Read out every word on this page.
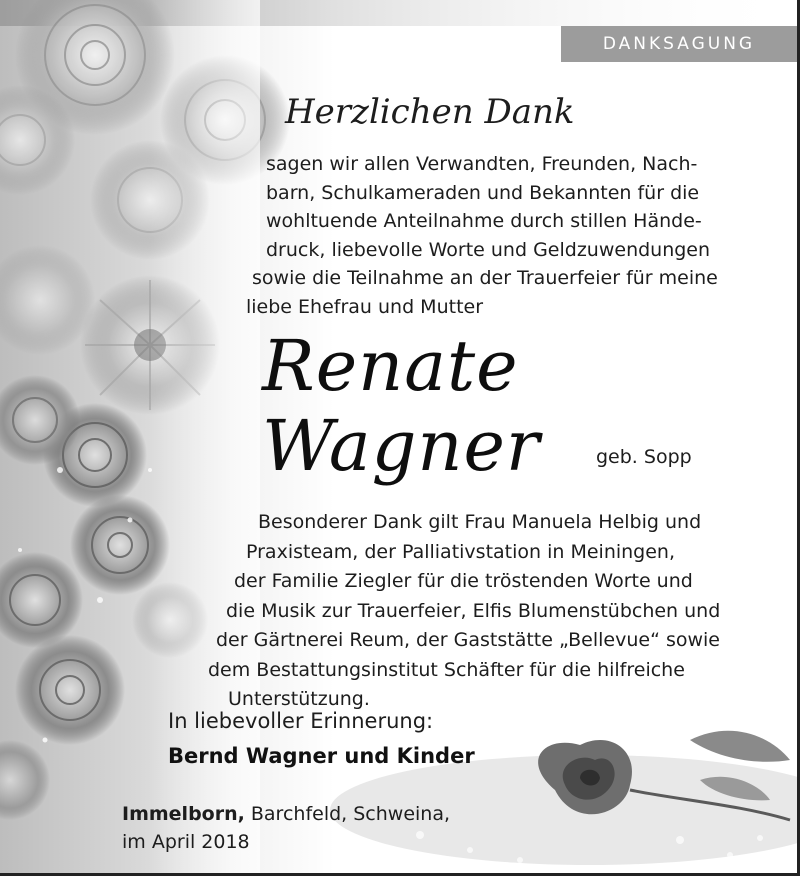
DANKSAGUNG
Herzlichen Dank
sagen wir allen Verwandten, Freunden, Nach-
barn, Schulkameraden und Bekannten für die
wohltuende Anteilnahme durch stillen Hände-
druck, liebevolle Worte und Geldzuwendungen
sowie die Teilnahme an der Trauerfeier für meine
liebe Ehefrau und Mutter
Renate
Wagner	geb. Sopp
Besonderer Dank gilt Frau Manuela Helbig und
Praxisteam, der Palliativstation in Meiningen,
der Familie Ziegler für die tröstenden Worte und
die Musik zur Trauerfeier, Elfis Blumenstübchen und
der Gärtnerei Reum, der Gaststätte „Bellevue“ sowie
dem Bestattungsinstitut Schäfter für die hilfreiche
Unterstützung.
In liebevoller Erinnerung:
Bernd Wagner und Kinder
Immelborn, Barchfeld, Schweina,
im April 2018
